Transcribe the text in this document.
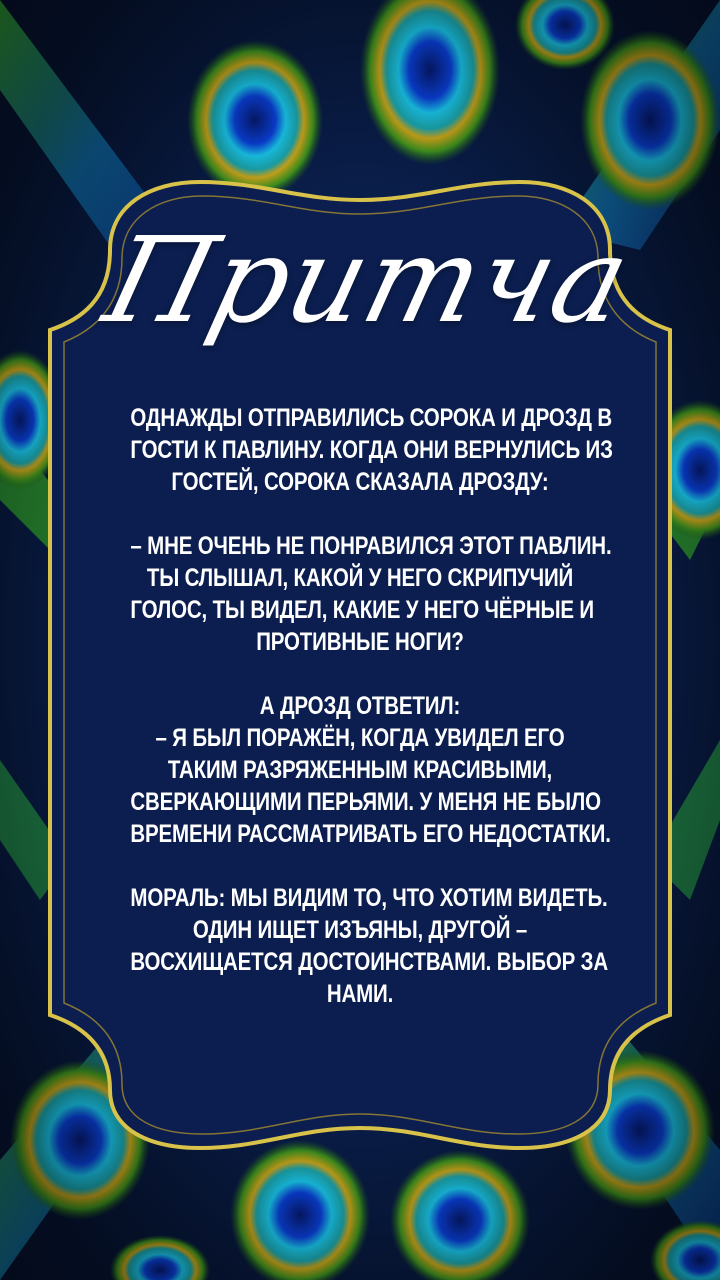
Притча

ОДНАЖДЫ ОТПРАВИЛИСЬ СОРОКА И ДРОЗД В
ГОСТИ К ПАВЛИНУ. КОГДА ОНИ ВЕРНУЛИСЬ ИЗ
ГОСТЕЙ, СОРОКА СКАЗАЛА ДРОЗДУ:

– МНЕ ОЧЕНЬ НЕ ПОНРАВИЛСЯ ЭТОТ ПАВЛИН.
ТЫ СЛЫШАЛ, КАКОЙ У НЕГО СКРИПУЧИЙ
ГОЛОС, ТЫ ВИДЕЛ, КАКИЕ У НЕГО ЧЁРНЫЕ И
ПРОТИВНЫЕ НОГИ?

А ДРОЗД ОТВЕТИЛ:
– Я БЫЛ ПОРАЖЁН, КОГДА УВИДЕЛ ЕГО
ТАКИМ РАЗРЯЖЕННЫМ КРАСИВЫМИ,
СВЕРКАЮЩИМИ ПЕРЬЯМИ. У МЕНЯ НЕ БЫЛО
ВРЕМЕНИ РАССМАТРИВАТЬ ЕГО НЕДОСТАТКИ.

МОРАЛЬ: МЫ ВИДИМ ТО, ЧТО ХОТИМ ВИДЕТЬ.
ОДИН ИЩЕТ ИЗЪЯНЫ, ДРУГОЙ –
ВОСХИЩАЕТСЯ ДОСТОИНСТВАМИ. ВЫБОР ЗА
НАМИ.
